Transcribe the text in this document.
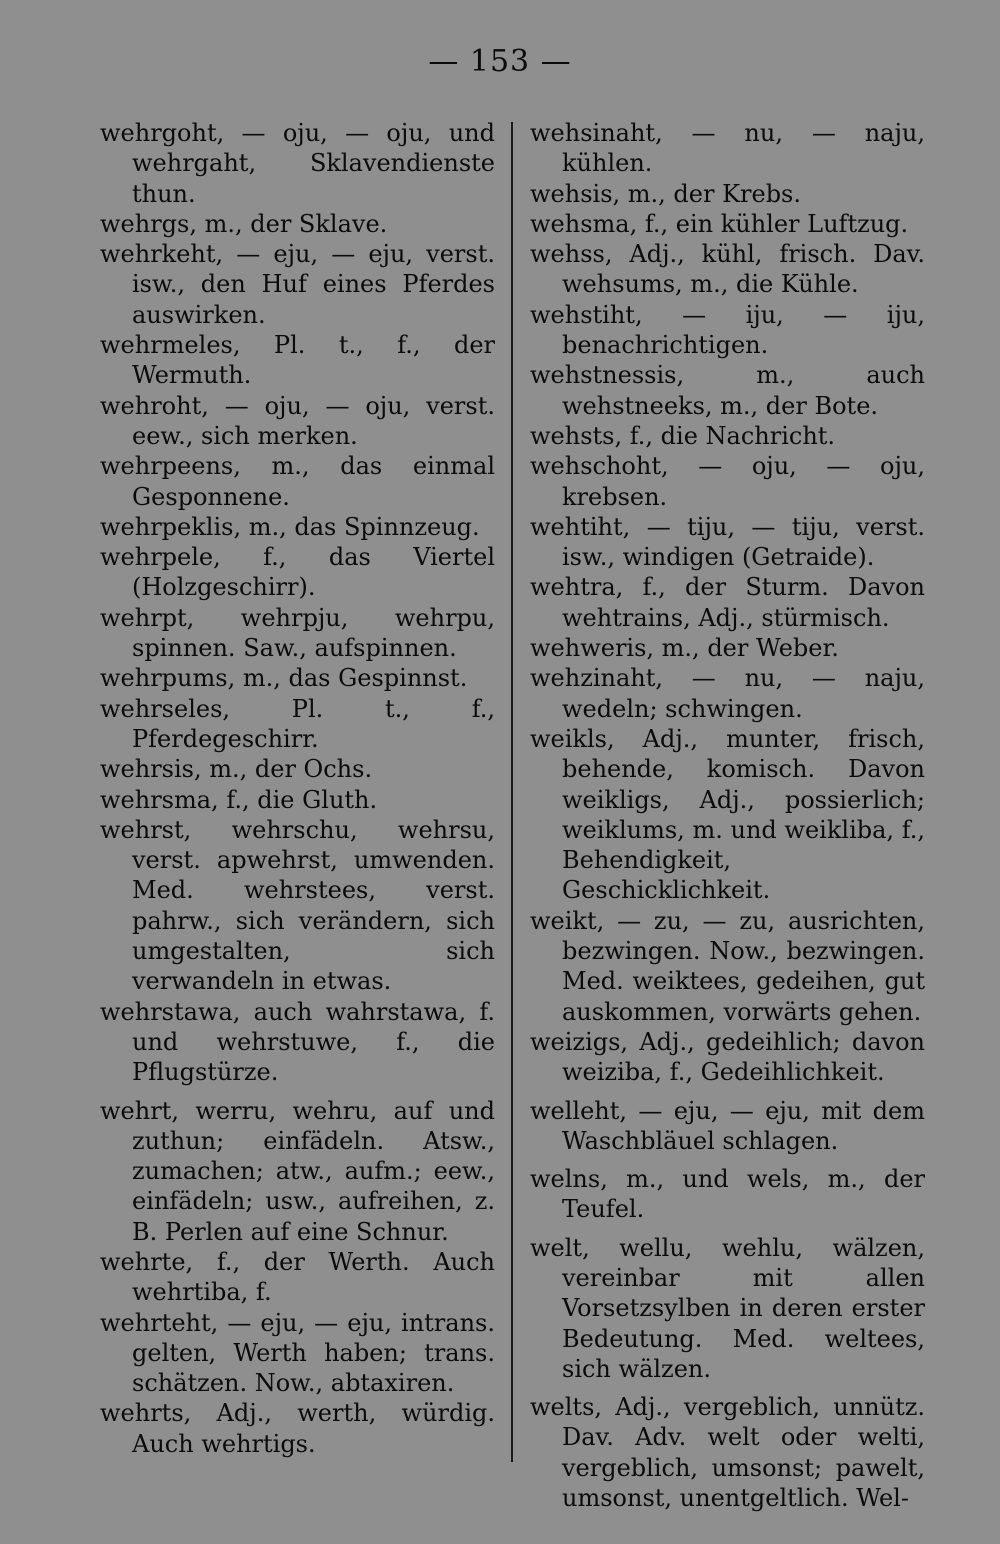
— 153 —

wehrgoht, — oju, — oju, und wehrgaht, Sklavendienste thun.

wehrgs, m., der Sklave.

wehrkeht, — eju, — eju, verst. isw., den Huf eines Pferdes auswirken.

wehrmeles, Pl. t., f., der Wermuth.

wehroht, — oju, — oju, verst. eew., sich merken.

wehrpeens, m., das einmal Gesponnene.

wehrpeklis, m., das Spinnzeug.

wehrpele, f., das Viertel (Holzgeschirr).

wehrpt, wehrpju, wehrpu, spinnen. Saw., aufspinnen.

wehrpums, m., das Gespinnst.

wehrseles, Pl. t., f., Pferdegeschirr.

wehrsis, m., der Ochs.

wehrsma, f., die Gluth.

wehrst, wehrschu, wehrsu, verst. apwehrst, umwenden. Med. wehrstees, verst. pahrw., sich verändern, sich umgestalten, sich verwandeln in etwas.

wehrstawa, auch wahrstawa, f. und wehrstuwe, f., die Pflugstürze.

wehrt, werru, wehru, auf und zuthun; einfädeln. Atsw., zumachen; atw., aufm.; eew., einfädeln; usw., aufreihen, z. B. Perlen auf eine Schnur.

wehrte, f., der Werth. Auch wehrtiba, f.

wehrteht, — eju, — eju, intrans. gelten, Werth haben; trans. schätzen. Now., abtaxiren.

wehrts, Adj., werth, würdig. Auch wehrtigs.

wehsinaht, — nu, — naju, kühlen.

wehsis, m., der Krebs.

wehsma, f., ein kühler Luftzug.

wehss, Adj., kühl, frisch. Dav. wehsums, m., die Kühle.

wehstiht, — iju, — iju, benachrichtigen.

wehstnessis, m., auch wehstneeks, m., der Bote.

wehsts, f., die Nachricht.

wehschoht, — oju, — oju, krebsen.

wehtiht, — tiju, — tiju, verst. isw., windigen (Getraide).

wehtra, f., der Sturm. Davon wehtrains, Adj., stürmisch.

wehweris, m., der Weber.

wehzinaht, — nu, — naju, wedeln; schwingen.

weikls, Adj., munter, frisch, behende, komisch. Davon weikligs, Adj., possierlich; weiklums, m. und weikliba, f., Behendigkeit, Geschicklichkeit.

weikt, — zu, — zu, ausrichten, bezwingen. Now., bezwingen. Med. weiktees, gedeihen, gut auskommen, vorwärts gehen.

weizigs, Adj., gedeihlich; davon weiziba, f., Gedeihlichkeit.

welleht, — eju, — eju, mit dem Waschbläuel schlagen.

welns, m., und wels, m., der Teufel.

welt, wellu, wehlu, wälzen, vereinbar mit allen Vorsetzsylben in deren erster Bedeutung. Med. weltees, sich wälzen.

welts, Adj., vergeblich, unnütz. Dav. Adv. welt oder welti, vergeblich, umsonst; pawelt, umsonst, unentgeltlich. Wel-
